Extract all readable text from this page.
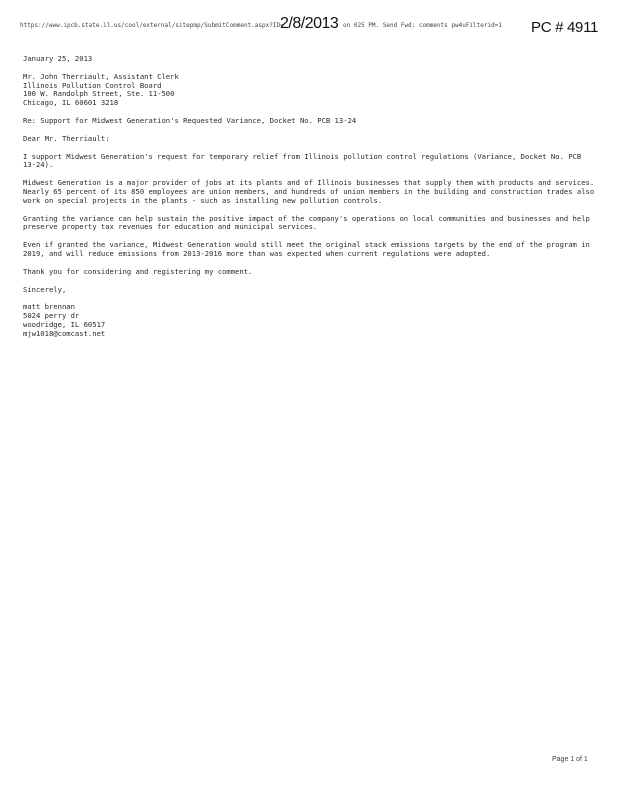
https://www.ipcb.state.il.us/cool/external/sitepmp/SubmitComment.aspx?ID=
2/8/2013 on 025 PM. Send Fwd: comments pw4uFilterid=1 PC # 4911

January 25, 2013

Mr. John Therriault, Assistant Clerk
Illinois Pollution Control Board
100 W. Randolph Street, Ste. 11-500
Chicago, IL 60601 3218

Re: Support for Midwest Generation's Requested Variance, Docket No. PCB 13-24

Dear Mr. Therriault:

I support Midwest Generation's request for temporary relief from Illinois pollution control regulations (Variance, Docket No. PCB 13-24).

Midwest Generation is a major provider of jobs at its plants and of Illinois businesses that supply them with products and services. Nearly 65 percent of its 850 employees are union members, and hundreds of union members in the building and construction trades also work on special projects in the plants - such as installing new pollution controls.

Granting the variance can help sustain the positive impact of the company's operations on local communities and businesses and help preserve property tax revenues for education and municipal services.

Even if granted the variance, Midwest Generation would still meet the original stack emissions targets by the end of the program in 2019, and will reduce emissions from 2013-2016 more than was expected when current regulations were adopted.

Thank you for considering and registering my comment.

Sincerely,

matt brennan
5024 perry dr
woodridge, IL 60517
mjw1018@comcast.net

Page 1 of 1
